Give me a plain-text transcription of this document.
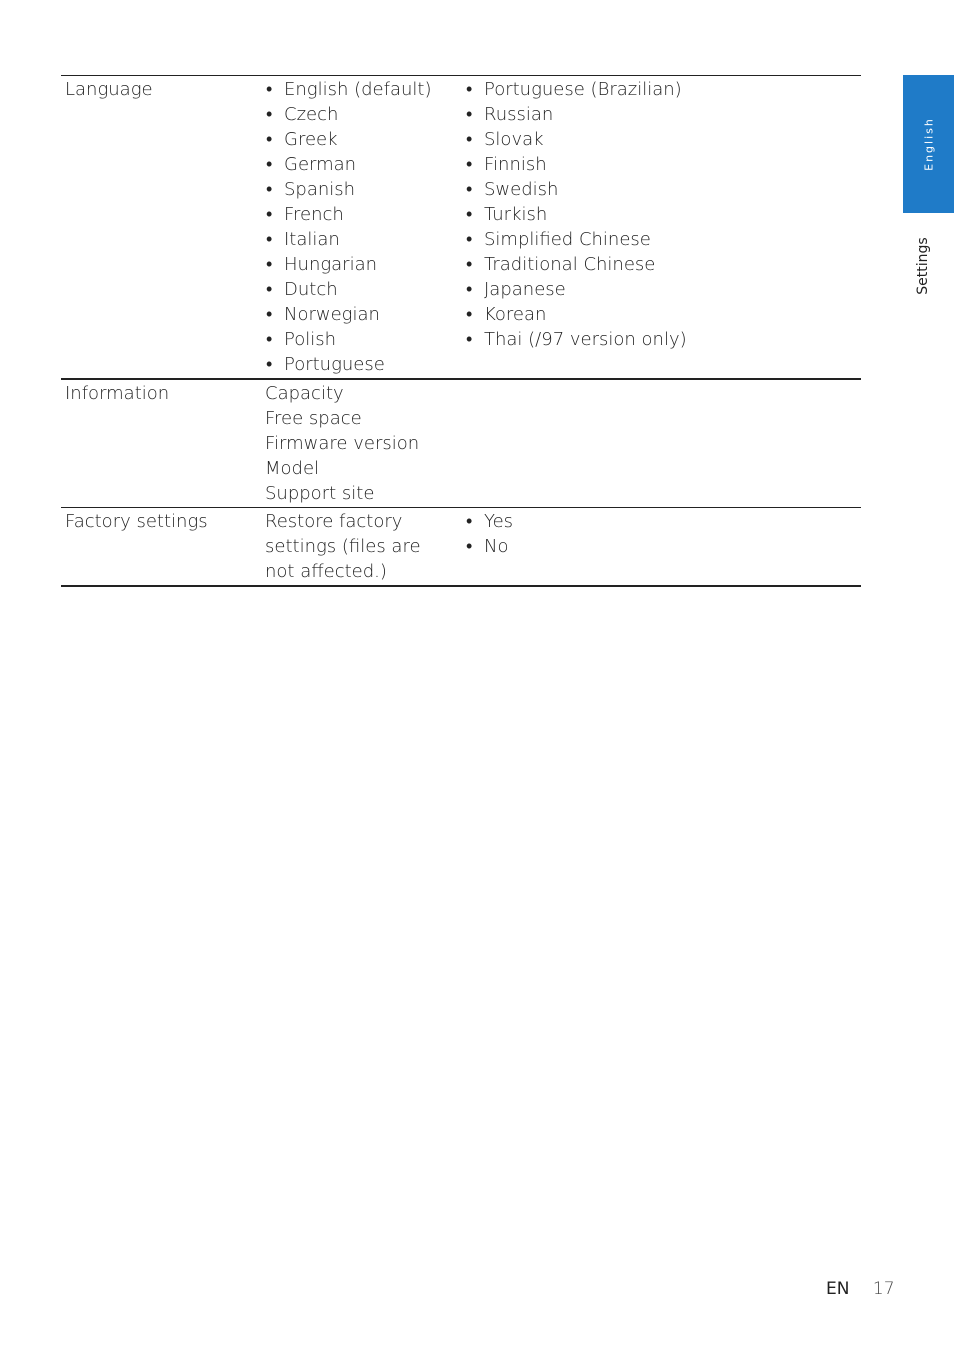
English
Settings
Language
•	English (default)
• Czech
• Greek
• German
• Spanish
• French
• Italian
• Hungarian
• Dutch
• Norwegian
• Polish
• Portuguese
• Portuguese (Brazilian)
• Russian
• Slovak
• Finnish
• Swedish
• Turkish
• Simplified Chinese
• Traditional Chinese
• Japanese
• Korean
• Thai (/97 version only)
Information	Capacity
Free space
Firmware version
Model
Support site
Factory settings	Restore factory settings (files are not affected.)
• Yes
• No
EN 17
